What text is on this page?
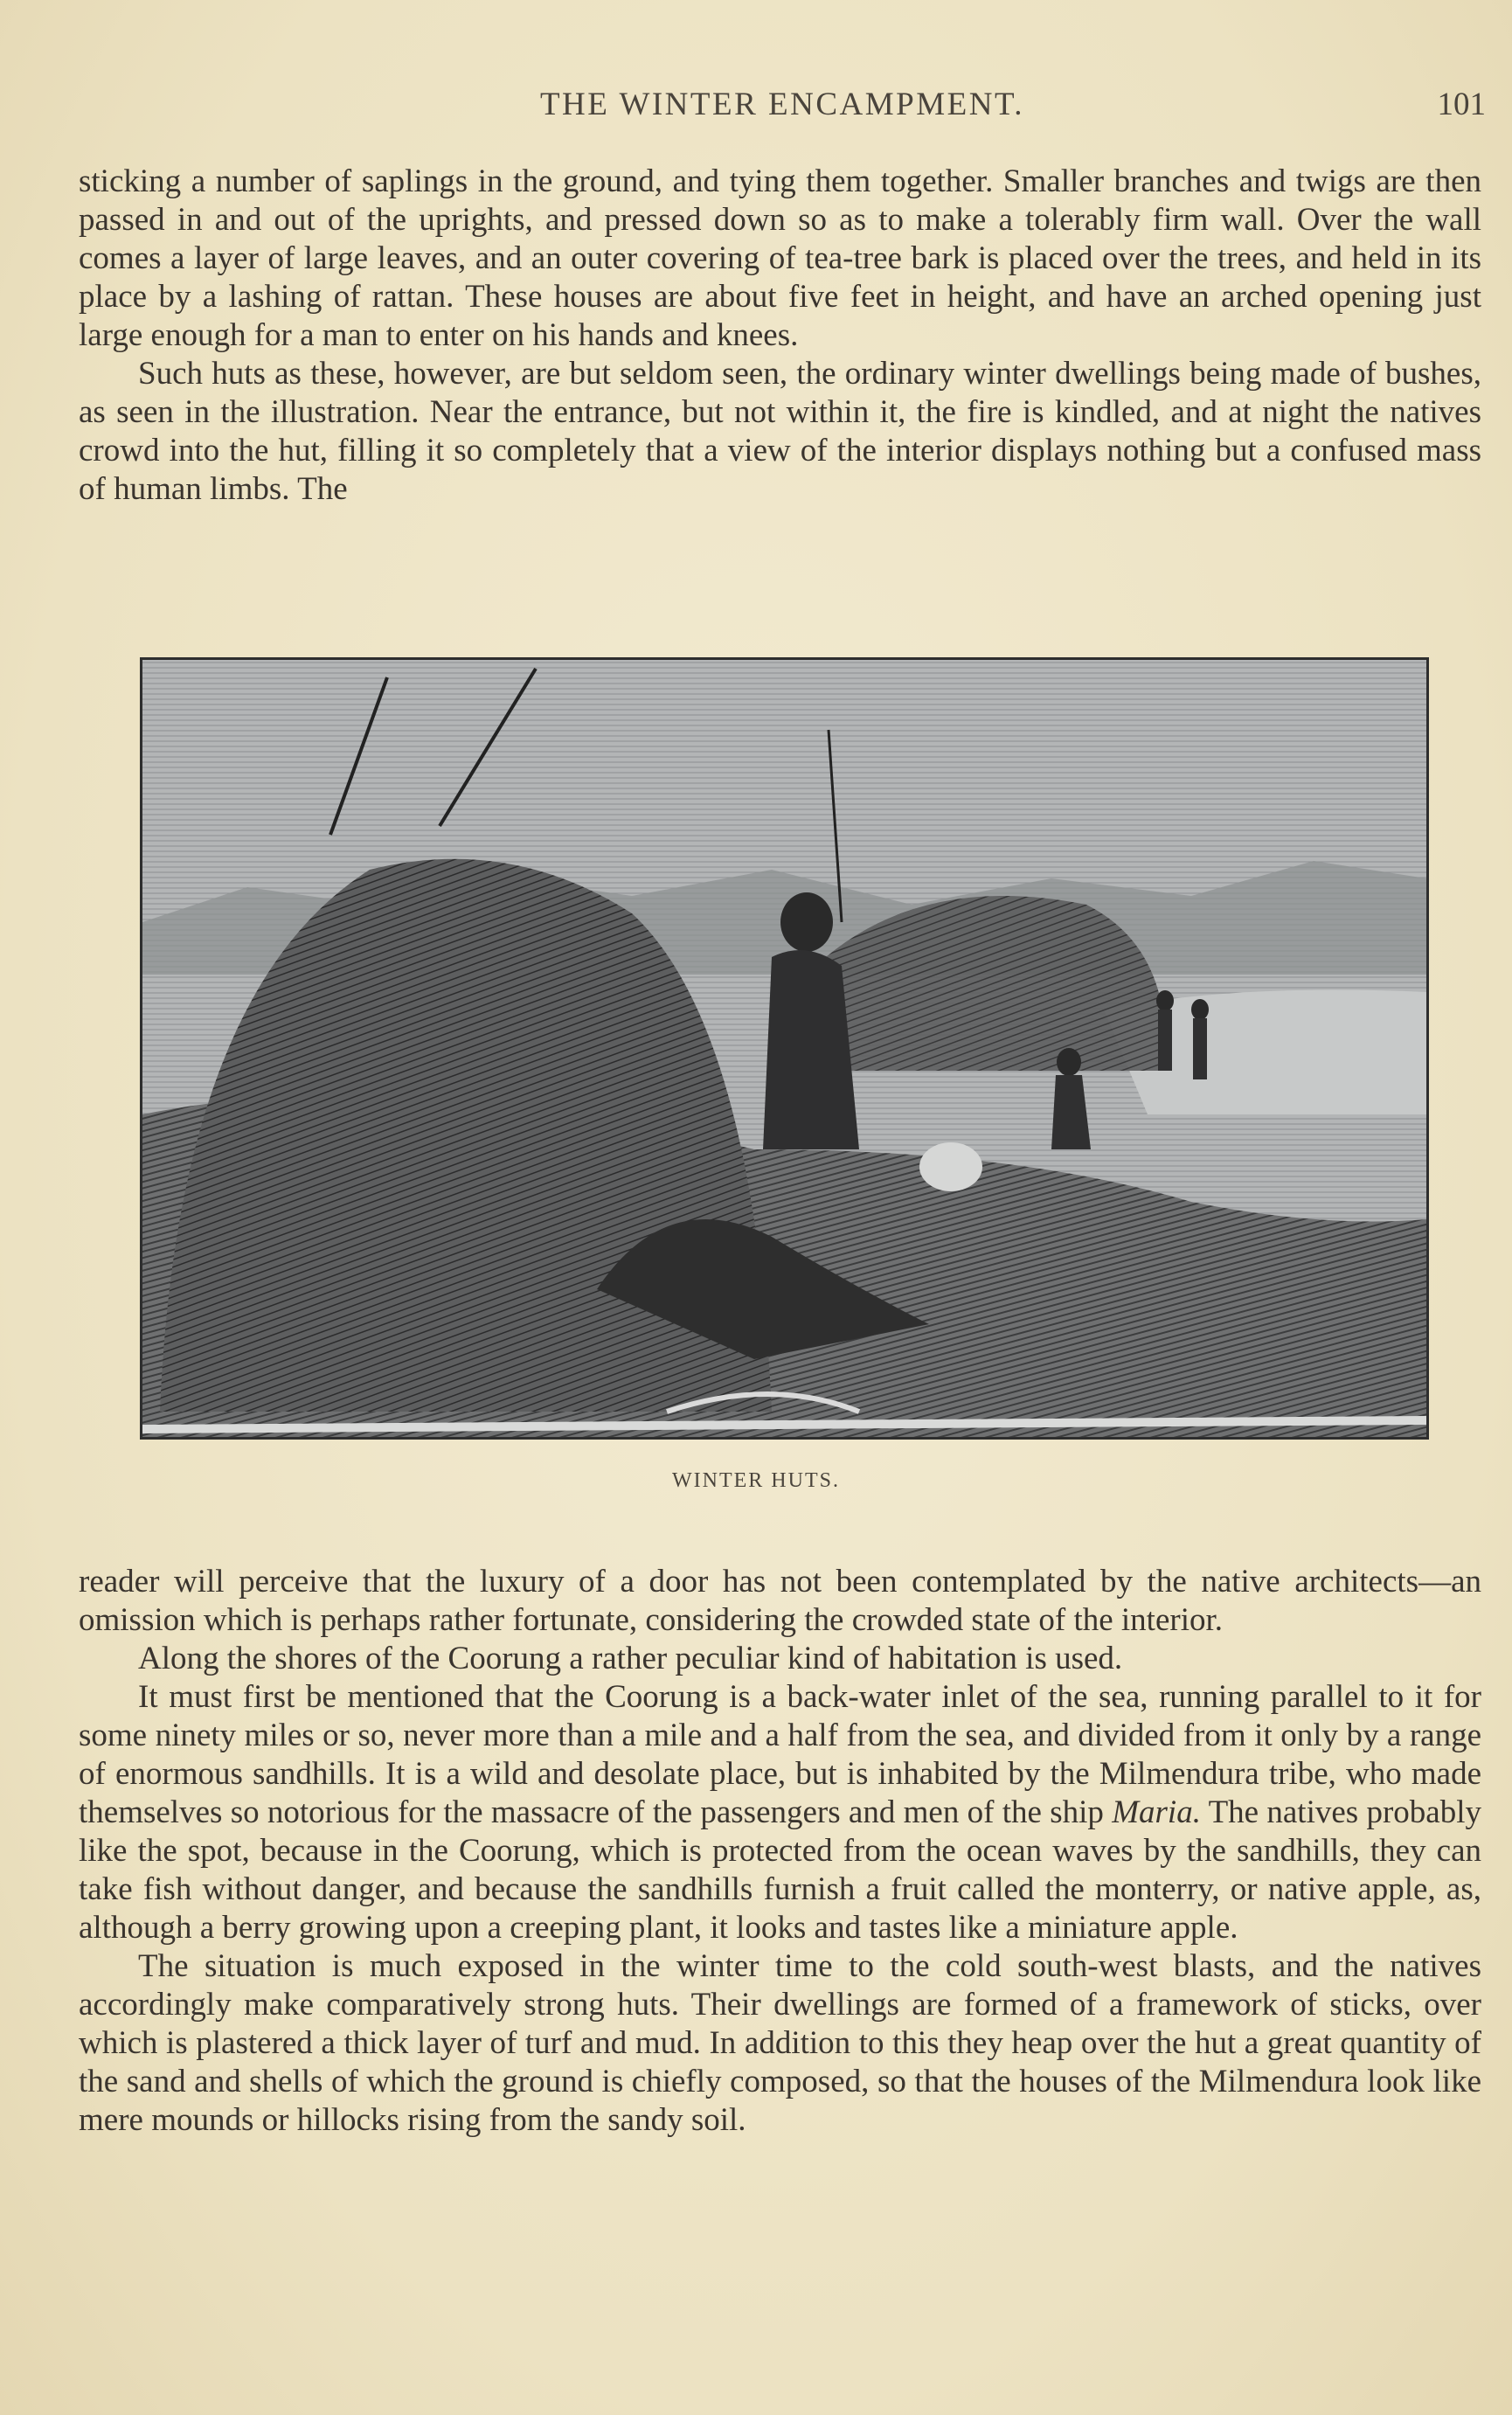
THE WINTER ENCAMPMENT.	101

sticking a number of saplings in the ground, and tying them together. Smaller branches and twigs are then passed in and out of the uprights, and pressed down so as to make a tolerably firm wall. Over the wall comes a layer of large leaves, and an outer covering of tea-tree bark is placed over the trees, and held in its place by a lashing of rattan. These houses are about five feet in height, and have an arched opening just large enough for a man to enter on his hands and knees.

Such huts as these, however, are but seldom seen, the ordinary winter dwellings being made of bushes, as seen in the illustration. Near the entrance, but not within it, the fire is kindled, and at night the natives crowd into the hut, filling it so completely that a view of the interior displays nothing but a confused mass of human limbs. The

WINTER HUTS.

reader will perceive that the luxury of a door has not been contemplated by the native architects—an omission which is perhaps rather fortunate, considering the crowded state of the interior.

Along the shores of the Coorung a rather peculiar kind of habitation is used.

It must first be mentioned that the Coorung is a back-water inlet of the sea, running parallel to it for some ninety miles or so, never more than a mile and a half from the sea, and divided from it only by a range of enormous sandhills. It is a wild and desolate place, but is inhabited by the Milmendura tribe, who made themselves so notorious for the massacre of the passengers and men of the ship Maria. The natives probably like the spot, because in the Coorung, which is protected from the ocean waves by the sandhills, they can take fish without danger, and because the sandhills furnish a fruit called the monterry, or native apple, as, although a berry growing upon a creeping plant, it looks and tastes like a miniature apple.

The situation is much exposed in the winter time to the cold south-west blasts, and the natives accordingly make comparatively strong huts. Their dwellings are formed of a framework of sticks, over which is plastered a thick layer of turf and mud. In addition to this they heap over the hut a great quantity of the sand and shells of which the ground is chiefly composed, so that the houses of the Milmendura look like mere mounds or hillocks rising from the sandy soil.
